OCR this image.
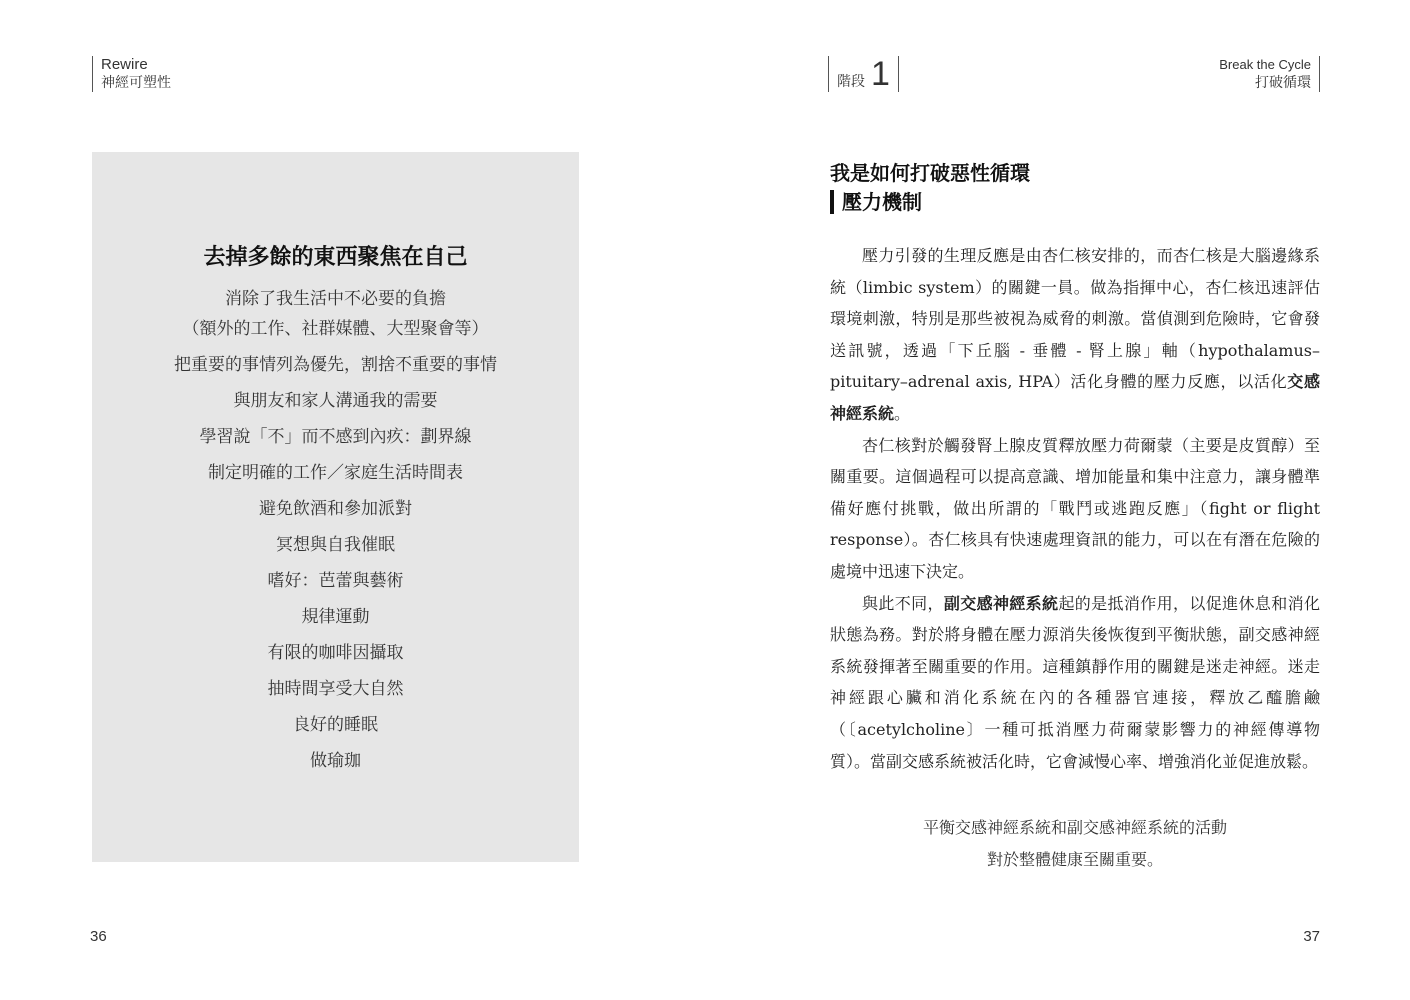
Rewire
神經可塑性	階段 1	Break the Cycle
打破循環
去掉多餘的東西聚焦在自己
消除了我生活中不必要的負擔
（額外的工作、社群媒體、大型聚會等）
把重要的事情列為優先，割捨不重要的事情
與朋友和家人溝通我的需要
學習說「不」而不感到內疚：劃界線
制定明確的工作／家庭生活時間表
避免飲酒和參加派對
冥想與自我催眠
嗜好：芭蕾與藝術
規律運動
有限的咖啡因攝取
抽時間享受大自然
良好的睡眠
做瑜珈
我是如何打破惡性循環
壓力機制

壓力引發的生理反應是由杏仁核安排的，而杏仁核是大腦邊緣系統（limbic system）的關鍵一員。做為指揮中心，杏仁核迅速評估環境刺激，特別是那些被視為威脅的刺激。當偵測到危險時，它會發送訊號，透過「下丘腦 - 垂體 - 腎上腺」軸（hypothalamus–pituitary–adrenal axis, HPA）活化身體的壓力反應，以活化交感神經系統。

杏仁核對於觸發腎上腺皮質釋放壓力荷爾蒙（主要是皮質醇）至關重要。這個過程可以提高意識、增加能量和集中注意力，讓身體準備好應付挑戰，做出所謂的「戰鬥或逃跑反應」（fight or flight response）。杏仁核具有快速處理資訊的能力，可以在有潛在危險的處境中迅速下決定。

與此不同，副交感神經系統起的是抵消作用，以促進休息和消化狀態為務。對於將身體在壓力源消失後恢復到平衡狀態，副交感神經系統發揮著至關重要的作用。這種鎮靜作用的關鍵是迷走神經。迷走神經跟心臟和消化系統在內的各種器官連接，釋放乙醯膽鹼（〔acetylcholine〕一種可抵消壓力荷爾蒙影響力的神經傳導物質）。當副交感系統被活化時，它會減慢心率、增強消化並促進放鬆。

平衡交感神經系統和副交感神經系統的活動
對於整體健康至關重要。
36	37
